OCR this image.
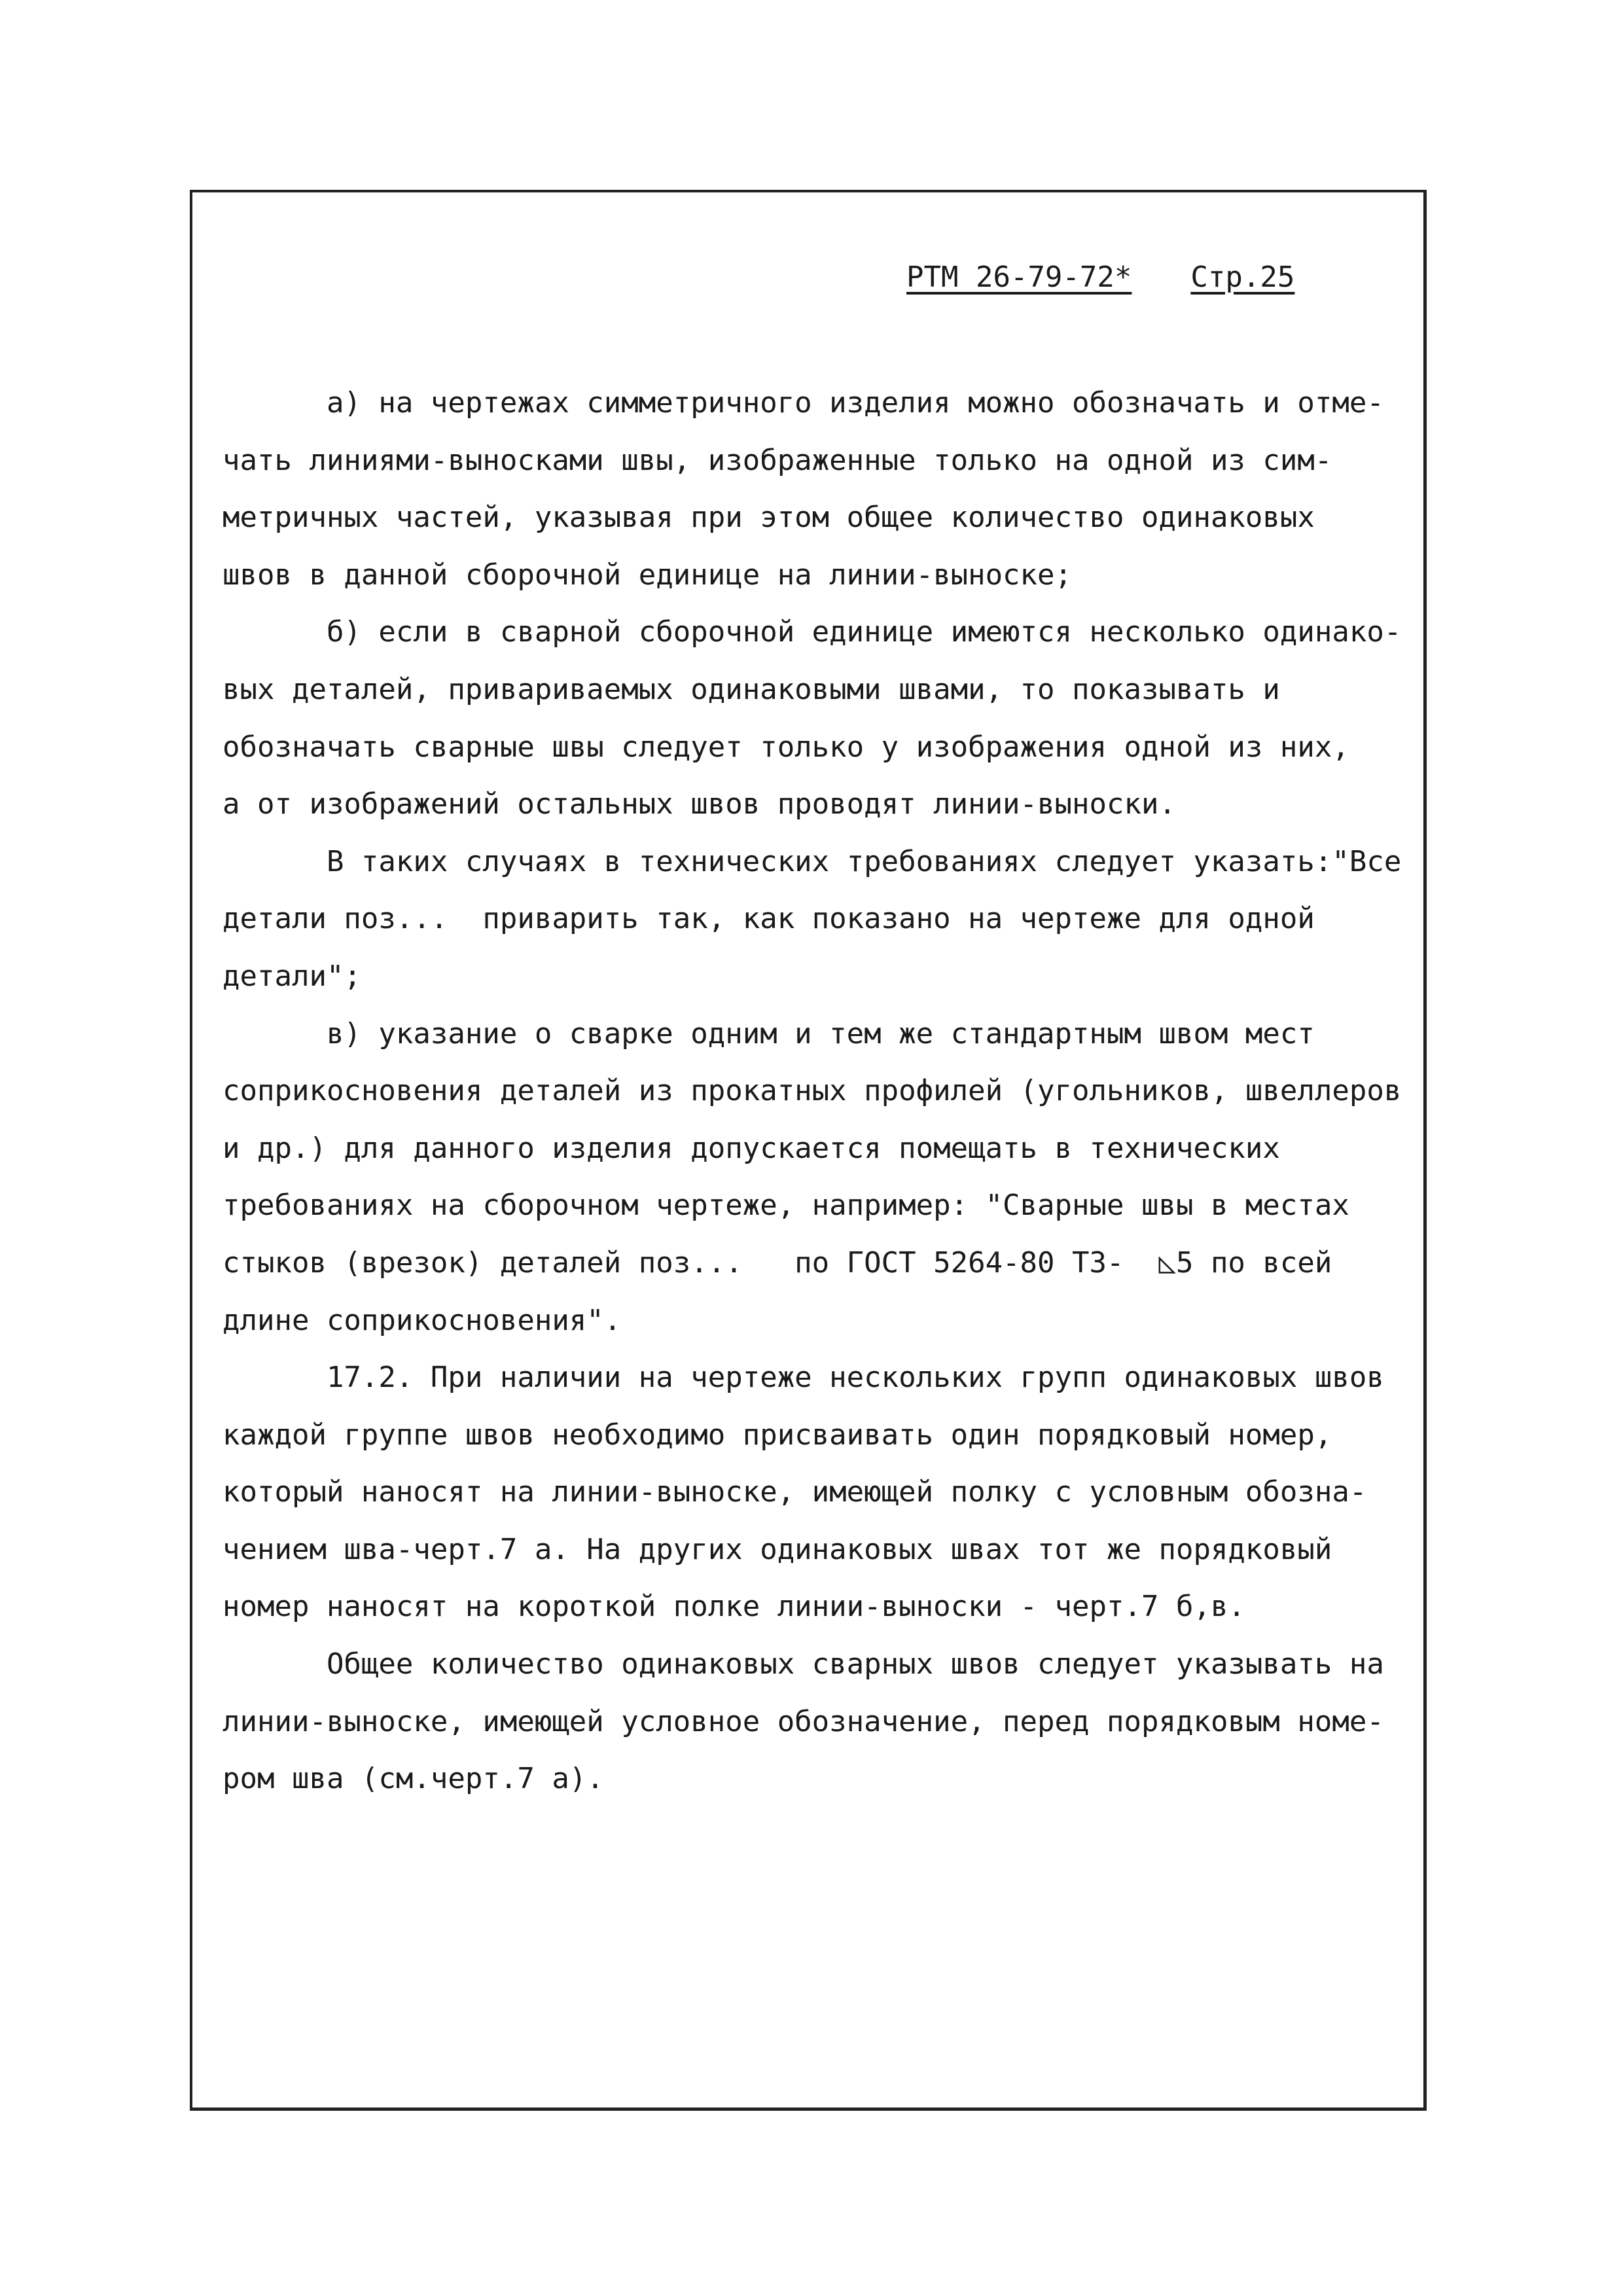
РТМ 26-79-72* Стр.25
а) на чертежах симметричного изделия можно обозначать и отме-
чать линиями-выносками швы, изображенные только на одной из сим-
метричных частей, указывая при этом общее количество одинаковых
швов в данной сборочной единице на линии-выноске;
б) если в сварной сборочной единице имеются несколько одинако-
вых деталей, привариваемых одинаковыми швами, то показывать и
обозначать сварные швы следует только у изображения одной из них,
а от изображений остальных швов проводят линии-выноски.
В таких случаях в технических требованиях следует указать:"Все
детали поз...  приварить так, как показано на чертеже для одной
детали";
в) указание о сварке одним и тем же стандартным швом мест
соприкосновения деталей из прокатных профилей (угольников, швеллеров
и др.) для данного изделия допускается помещать в технических
требованиях на сборочном чертеже, например: "Сварные швы в местах
стыков (врезок) деталей поз...   по ГОСТ 5264-80 Т3-  ◺5 по всей
длине соприкосновения".
17.2. При наличии на чертеже нескольких групп одинаковых швов
каждой группе швов необходимо присваивать один порядковый номер,
который наносят на линии-выноске, имеющей полку с условным обозна-
чением шва-черт.7 а. На других одинаковых швах тот же порядковый
номер наносят на короткой полке линии-выноски - черт.7 б,в.
Общее количество одинаковых сварных швов следует указывать на
линии-выноске, имеющей условное обозначение, перед порядковым номе-
ром шва (см.черт.7 а).
